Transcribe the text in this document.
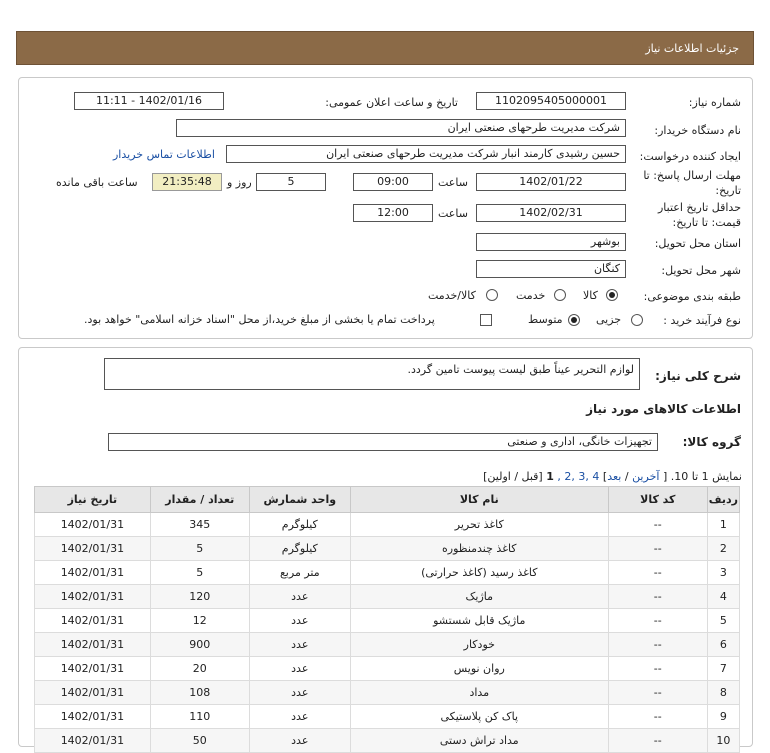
جزئیات اطلاعات نیاز
شماره نیاز:
1102095405000001
تاریخ و ساعت اعلان عمومی:
1402/01/16 - 11:11
نام دستگاه خریدار:
شرکت مدیریت طرحهای صنعتی ایران
ایجاد کننده درخواست:
حسین رشیدی کارمند انبار شرکت مدیریت طرحهای صنعتی ایران
اطلاعات تماس خریدار
مهلت ارسال پاسخ: تا
تاریخ:
1402/01/22
ساعت
09:00
5
روز و
21:35:48
ساعت باقی مانده
حداقل تاریخ اعتبار
قیمت: تا تاریخ:
1402/02/31
ساعت
12:00
استان محل تحویل:
بوشهر
شهر محل تحویل:
کنگان
طبقه بندی موضوعی:
کالا
خدمت
کالا/خدمت
نوع فرآیند خرید :
جزیی
متوسط
پرداخت تمام یا بخشی از مبلغ خرید،از محل "اسناد خزانه اسلامی" خواهد بود.
شرح کلی نیاز:
لوازم التحریر عیناً طبق لیست پیوست تامین گردد.
اطلاعات کالاهای مورد نیاز
گروه کالا:
تجهیزات خانگی، اداری و صنعتی
نمایش 1 تا 10. [ آخرین / بعد] 4 ,3 ,2 , 1 [قبل / اولین]
ردیف	کد کالا	نام کالا	واحد شمارش	تعداد / مقدار	تاریخ نیاز
1	--	کاغذ تحریر	کیلوگرم	345	1402/01/31
2	--	کاغذ چندمنظوره	کیلوگرم	5	1402/01/31
3	--	کاغذ رسید (کاغذ حرارتی)	متر مربع	5	1402/01/31
4	--	ماژیک	عدد	120	1402/01/31
5	--	ماژیک قابل شستشو	عدد	12	1402/01/31
6	--	خودکار	عدد	900	1402/01/31
7	--	روان نویس	عدد	20	1402/01/31
8	--	مداد	عدد	108	1402/01/31
9	--	پاک کن پلاستیکی	عدد	110	1402/01/31
10	--	مداد تراش دستی	عدد	50	1402/01/31
